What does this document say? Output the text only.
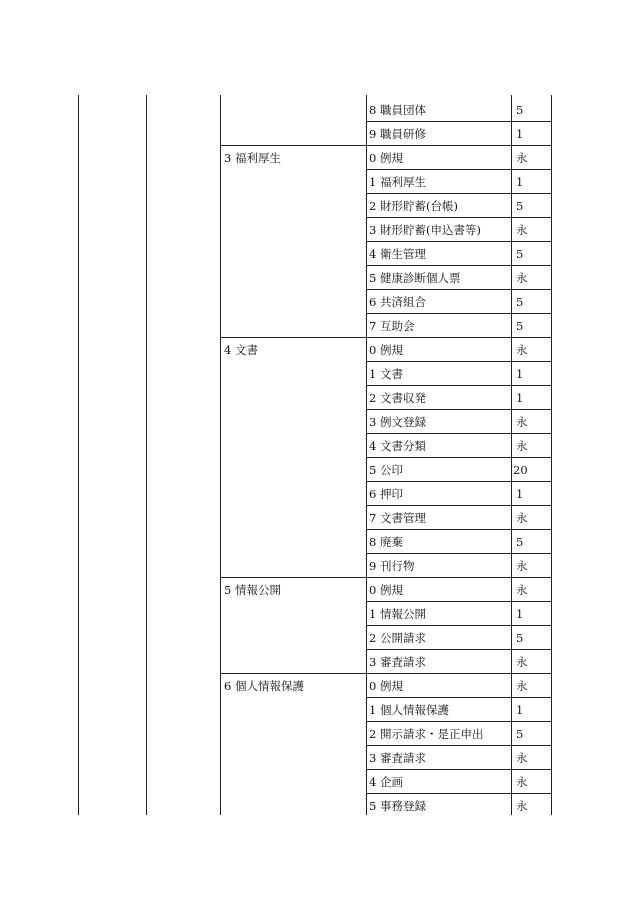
8 職員団体	5
9 職員研修	1
3 福利厚生	0 例規	永
1 福利厚生	1
2 財形貯蓄(台帳)	5
3 財形貯蓄(申込書等)	永
4 衛生管理	5
5 健康診断個人票	永
6 共済組合	5
7 互助会	5
4 文書	0 例規	永
1 文書	1
2 文書収発	1
3 例文登録	永
4 文書分類	永
5 公印	20
6 押印	1
7 文書管理	永
8 廃棄	5
9 刊行物	永
5 情報公開	0 例規	永
1 情報公開	1
2 公開請求	5
3 審査請求	永
6 個人情報保護	0 例規	永
1 個人情報保護	1
2 開示請求・是正申出	5
3 審査請求	永
4 企画	永
5 事務登録	永
